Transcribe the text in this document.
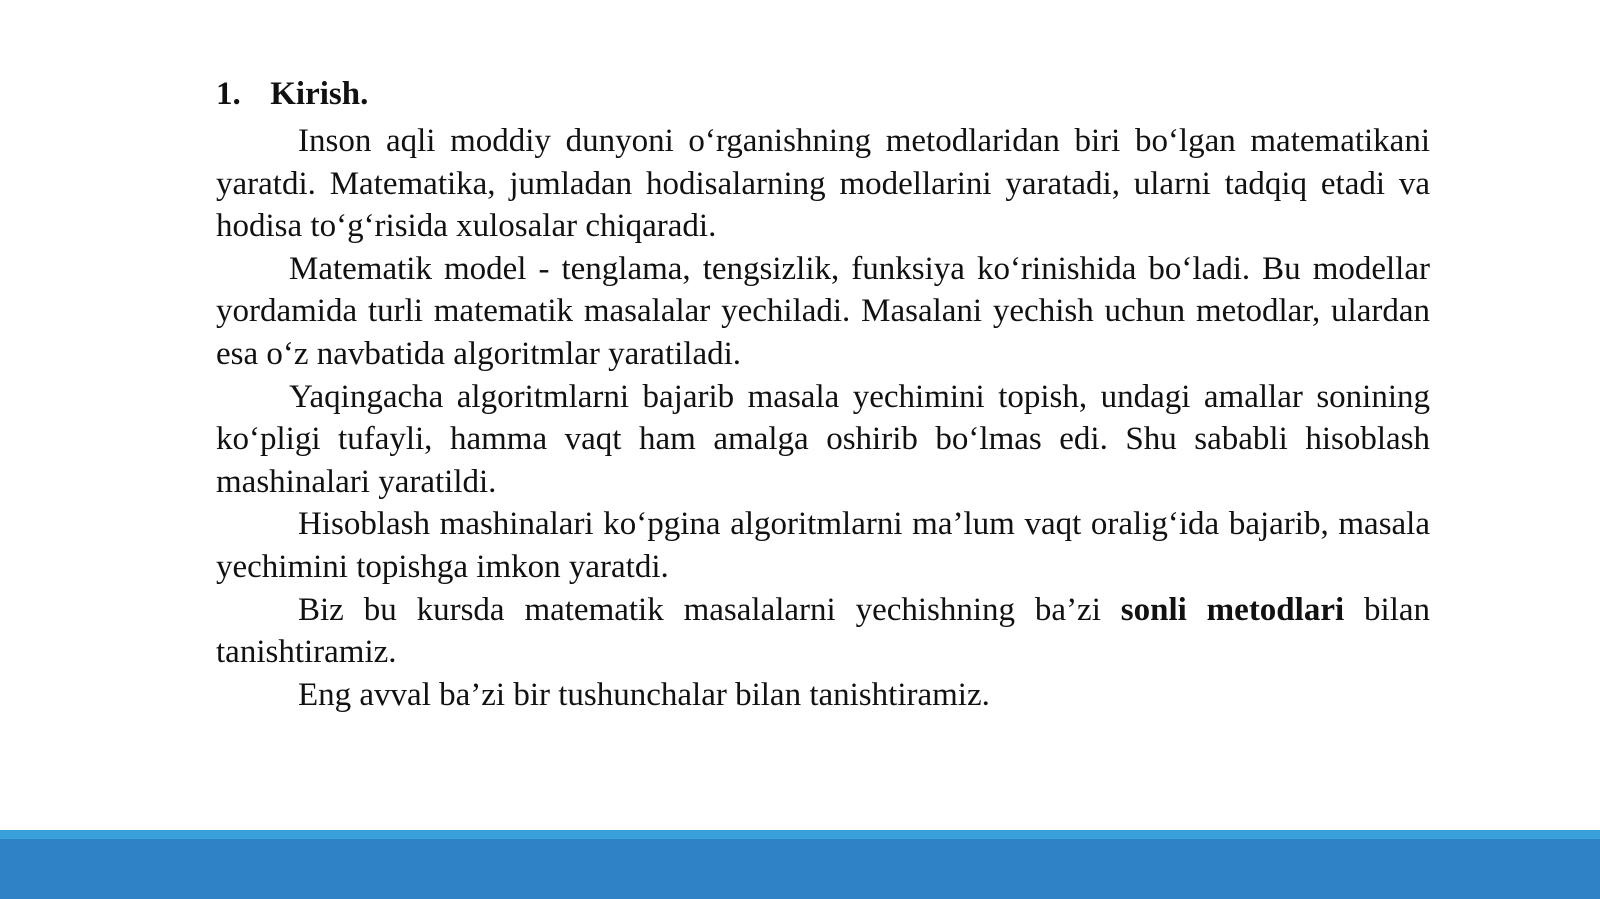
1. Kirish.

Inson aqli moddiy dunyoni o‘rganishning metodlaridan biri bo‘lgan matematikani yaratdi. Matematika, jumladan hodisalarning modellarini yaratadi, ularni tadqiq etadi va hodisa to‘g‘risida xulosalar chiqaradi.

Matematik model - tenglama, tengsizlik, funksiya ko‘rinishida bo‘ladi. Bu modellar yordamida turli matematik masalalar yechiladi. Masalani yechish uchun metodlar, ulardan esa o‘z navbatida algoritmlar yaratiladi.

Yaqingacha algoritmlarni bajarib masala yechimini topish, undagi amallar sonining ko‘pligi tufayli, hamma vaqt ham amalga oshirib bo‘lmas edi. Shu sababli hisoblash mashinalari yaratildi.

Hisoblash mashinalari ko‘pgina algoritmlarni ma’lum vaqt oralig‘ida bajarib, masala yechimini topishga imkon yaratdi.

Biz bu kursda matematik masalalarni yechishning ba’zi sonli metodlari bilan tanishtiramiz.

Eng avval ba’zi bir tushunchalar bilan tanishtiramiz.
